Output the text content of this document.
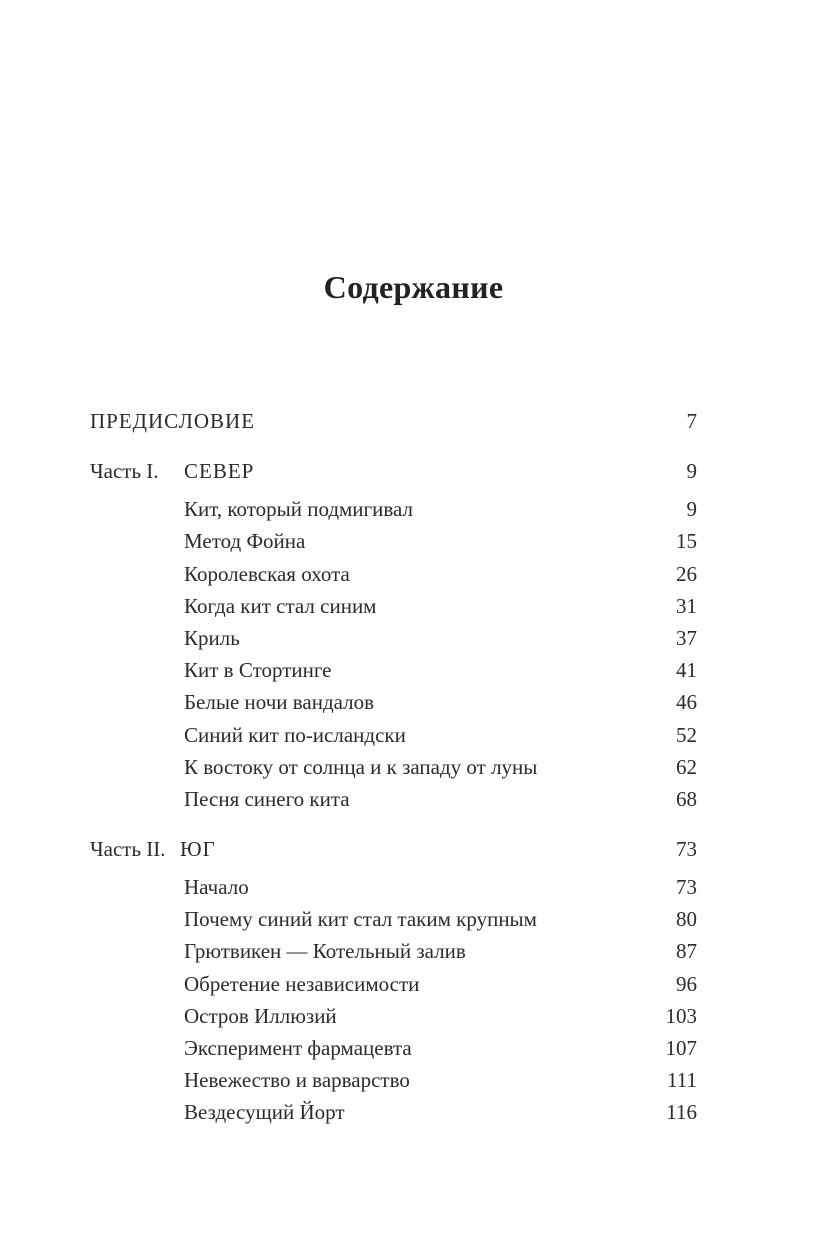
Содержание
ПРЕДИСЛОВИЕ	7
Часть I. СЕВЕР	9
Кит, который подмигивал	9
Метод Фойна	15
Королевская охота	26
Когда кит стал синим	31
Криль	37
Кит в Стортинге	41
Белые ночи вандалов	46
Синий кит по-исландски	52
К востоку от солнца и к западу от луны	62
Песня синего кита	68
Часть II. ЮГ	73
Начало	73
Почему синий кит стал таким крупным	80
Грютвикен — Котельный залив	87
Обретение независимости	96
Остров Иллюзий	103
Эксперимент фармацевта	107
Невежество и варварство	111
Вездесущий Йорт	116
